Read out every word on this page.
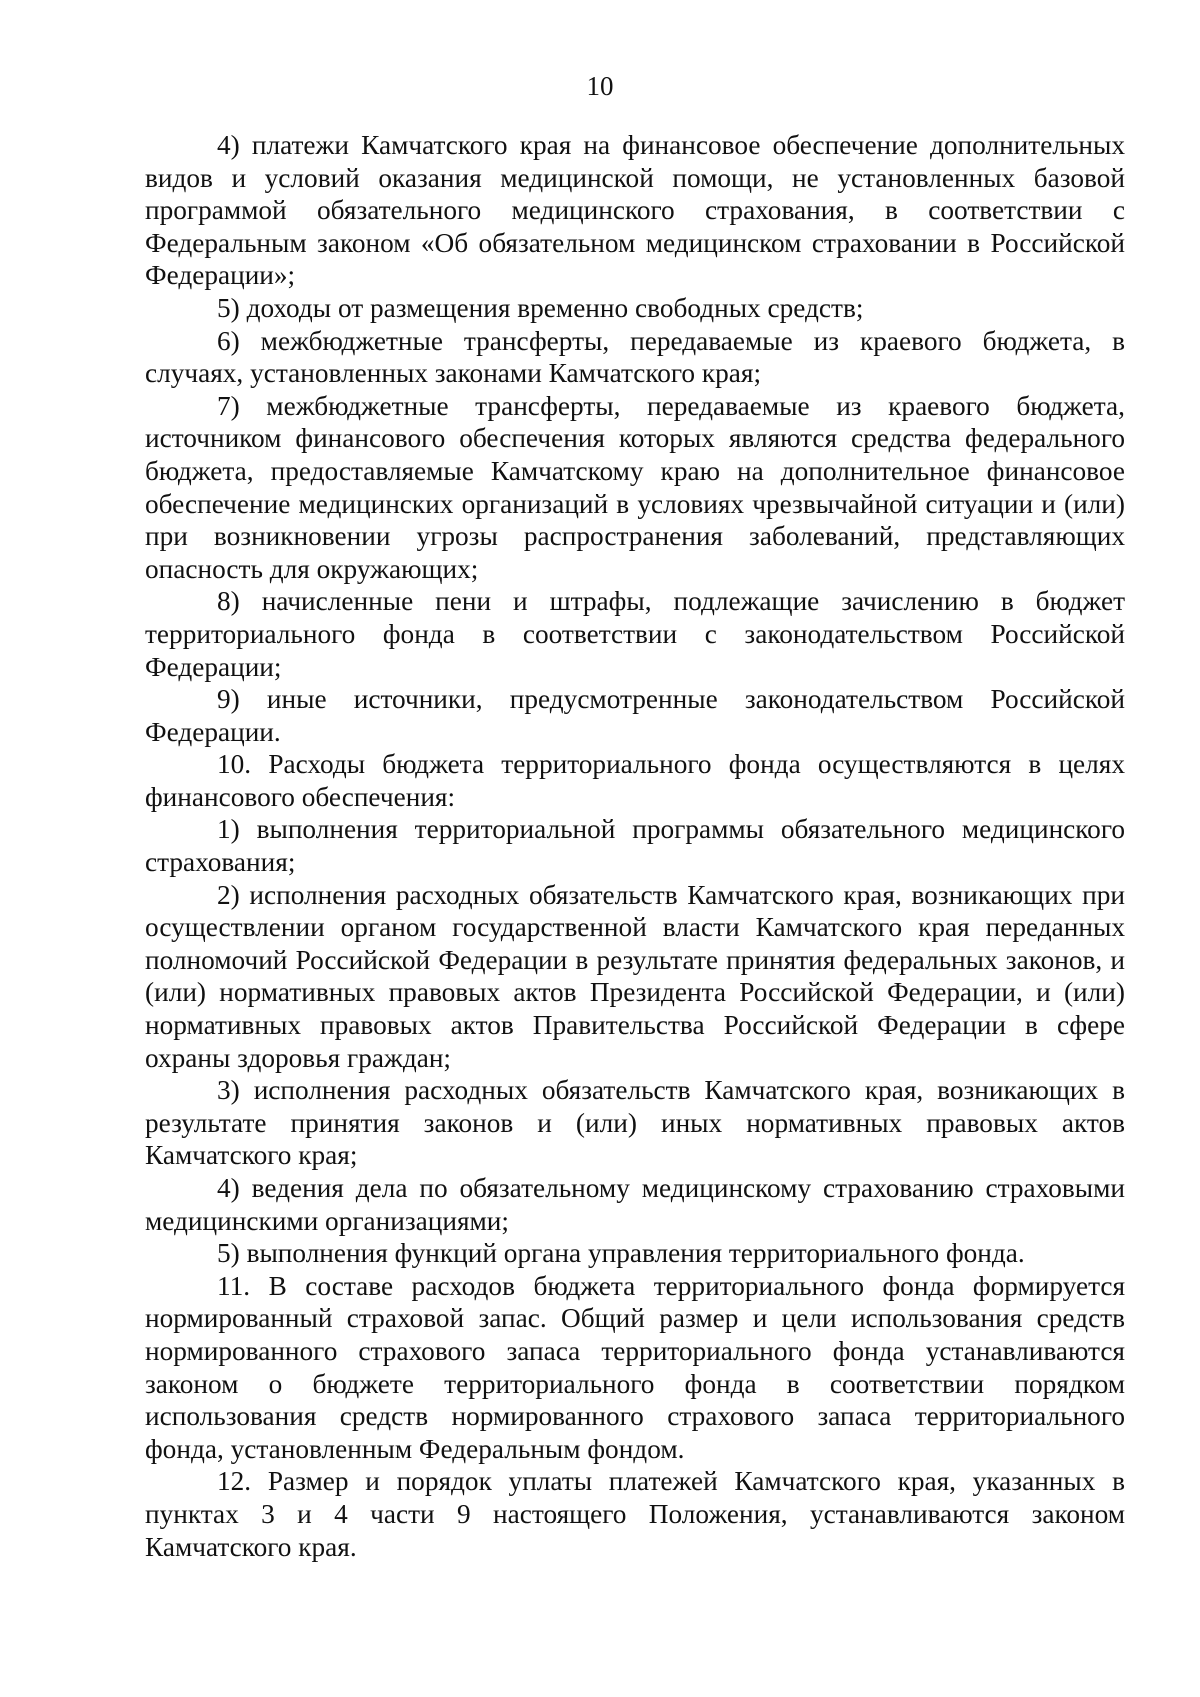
10

4) платежи Камчатского края на финансовое обеспечение дополнительных видов и условий оказания медицинской помощи, не установленных базовой программой обязательного медицинского страхования, в соответствии с Федеральным законом «Об обязательном медицинском страховании в Российской Федерации»;

5) доходы от размещения временно свободных средств;

6) межбюджетные трансферты, передаваемые из краевого бюджета, в случаях, установленных законами Камчатского края;

7) межбюджетные трансферты, передаваемые из краевого бюджета, источником финансового обеспечения которых являются средства федерального бюджета, предоставляемые Камчатскому краю на дополнительное финансовое обеспечение медицинских организаций в условиях чрезвычайной ситуации и (или) при возникновении угрозы распространения заболеваний, представляющих опасность для окружающих;

8) начисленные пени и штрафы, подлежащие зачислению в бюджет территориального фонда в соответствии с законодательством Российской Федерации;

9) иные источники, предусмотренные законодательством Российской Федерации.

10. Расходы бюджета территориального фонда осуществляются в целях финансового обеспечения:

1) выполнения территориальной программы обязательного медицинского страхования;

2) исполнения расходных обязательств Камчатского края, возникающих при осуществлении органом государственной власти Камчатского края переданных полномочий Российской Федерации в результате принятия федеральных законов, и (или) нормативных правовых актов Президента Российской Федерации, и (или) нормативных правовых актов Правительства Российской Федерации в сфере охраны здоровья граждан;

3) исполнения расходных обязательств Камчатского края, возникающих в результате принятия законов и (или) иных нормативных правовых актов Камчатского края;

4) ведения дела по обязательному медицинскому страхованию страховыми медицинскими организациями;

5) выполнения функций органа управления территориального фонда.

11. В составе расходов бюджета территориального фонда формируется нормированный страховой запас. Общий размер и цели использования средств нормированного страхового запаса территориального фонда устанавливаются законом о бюджете территориального фонда в соответствии порядком использования средств нормированного страхового запаса территориального фонда, установленным Федеральным фондом.

12. Размер и порядок уплаты платежей Камчатского края, указанных в пунктах 3 и 4 части 9 настоящего Положения, устанавливаются законом Камчатского края.
